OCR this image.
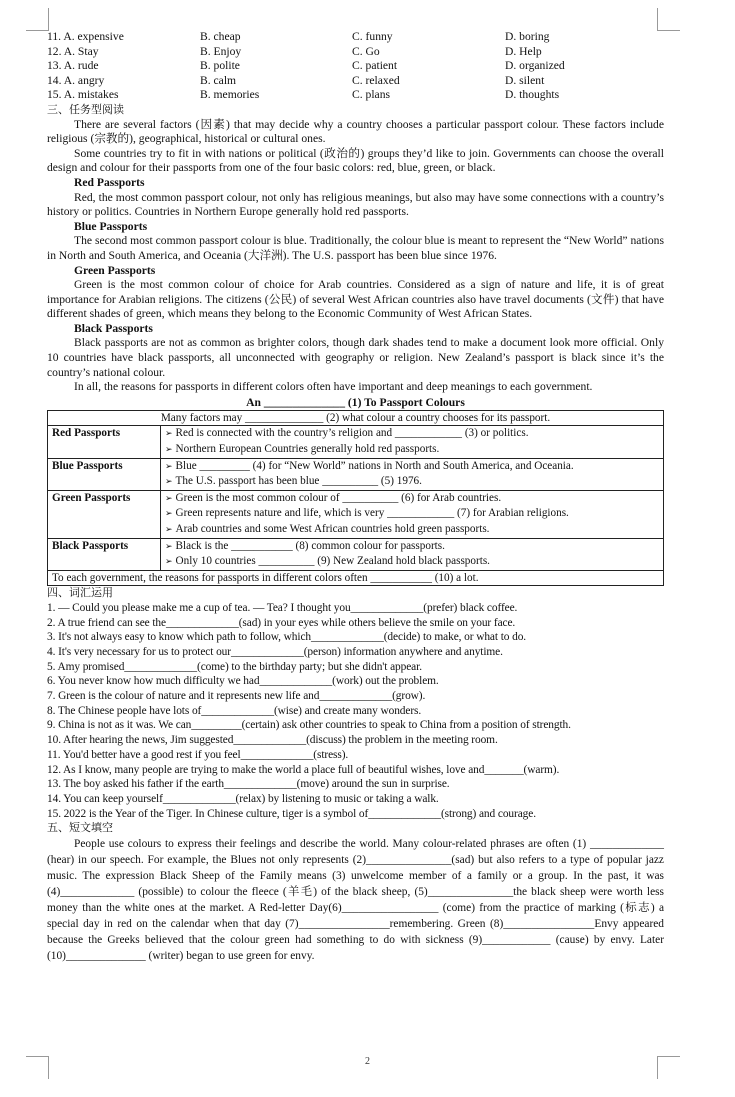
11. A. expensive	B. cheap	C. funny	D. boring
12. A. Stay	B. Enjoy	C. Go	D. Help
13. A. rude	B. polite	C. patient	D. organized
14. A. angry	B. calm	C. relaxed	D. silent
15. A. mistakes	B. memories	C. plans	D. thoughts
三、任务型阅读

There are several factors (因素) that may decide why a country chooses a particular passport colour. These factors include religious (宗教的), geographical, historical or cultural ones.

Some countries try to fit in with nations or political (政治的) groups they’d like to join. Governments can choose the overall design and colour for their passports from one of the four basic colors: red, blue, green, or black.

Red Passports

Red, the most common passport colour, not only has religious meanings, but also may have some connections with a country’s history or politics. Countries in Northern Europe generally hold red passports.

Blue Passports

The second most common passport colour is blue. Traditionally, the colour blue is meant to represent the “New World” nations in North and South America, and Oceania (大洋洲). The U.S. passport has been blue since 1976.

Green Passports

Green is the most common colour of choice for Arab countries. Considered as a sign of nature and life, it is of great importance for Arabian religions. The citizens (公民) of several West African countries also have travel documents (文件) that have different shades of green, which means they belong to the Economic Community of West African States.

Black Passports

Black passports are not as common as brighter colors, though dark shades tend to make a document look more official. Only 10 countries have black passports, all unconnected with geography or religion. New Zealand’s passport is black since it’s the country’s national colour.

In all, the reasons for passports in different colors often have important and deep meanings to each government.

An ______________ (1) To Passport Colours
Many factors may ______________ (2) what colour a country chooses for its passport.	
Red Passports	➢ Red is connected with the country’s religion and ____________ (3) or politics.
➢ Northern European Countries generally hold red passports.

Blue Passports	➢ Blue _________ (4) for “New World” nations in North and South America, and Oceania.
➢ The U.S. passport has been blue __________ (5) 1976.

Green Passports	➢ Green is the most common colour of __________ (6) for Arab countries.
➢ Green represents nature and life, which is very ____________ (7) for Arabian religions.
➢ Arab countries and some West African countries hold green passports.

Black Passports	➢ Black is the ___________ (8) common colour for passports.
➢ Only 10 countries __________ (9) New Zealand hold black passports.

To each government, the reasons for passports in different colors often ___________ (10) a lot.	
四、词汇运用
1. — Could you please make me a cup of tea. — Tea? I thought you_____________(prefer) black coffee.
2. A true friend can see the_____________(sad) in your eyes while others believe the smile on your face.
3. It's not always easy to know which path to follow, which_____________(decide) to make, or what to do.
4. It's very necessary for us to protect our_____________(person) information anywhere and anytime.
5. Amy promised_____________(come) to the birthday party; but she didn't appear.
6. You never know how much difficulty we had_____________(work) out the problem.
7. Green is the colour of nature and it represents new life and_____________(grow).
8. The Chinese people have lots of_____________(wise) and create many wonders.
9. China is not as it was. We can_________(certain) ask other countries to speak to China from a position of strength.
10. After hearing the news, Jim suggested_____________(discuss) the problem in the meeting room.
11. You'd better have a good rest if you feel_____________(stress).
12. As I know, many people are trying to make the world a place full of beautiful wishes, love and_______(warm).
13. The boy asked his father if the earth_____________(move) around the sun in surprise.
14. You can keep yourself_____________(relax) by listening to music or taking a walk.
15. 2022 is the Year of the Tiger. In Chinese culture, tiger is a symbol of_____________(strong) and courage.
五、短文填空

People use colours to express their feelings and describe the world. Many colour-related phrases are often (1) _____________ (hear) in our speech. For example, the Blues not only represents (2)_______________(sad) but also refers to a type of popular jazz music. The expression Black Sheep of the Family means (3) unwelcome member of a family or a group. In the past, it was (4)_____________ (possible) to colour the fleece (羊毛) of the black sheep, (5)_______________the black sheep were worth less money than the white ones at the market. A Red-letter Day(6)_________________ (come) from the practice of marking (标志) a special day in red on the calendar when that day (7)________________remembering. Green (8)________________Envy appeared because the Greeks believed that the colour green had something to do with sickness (9)____________ (cause) by envy. Later (10)______________ (writer) began to use green for envy.

2
